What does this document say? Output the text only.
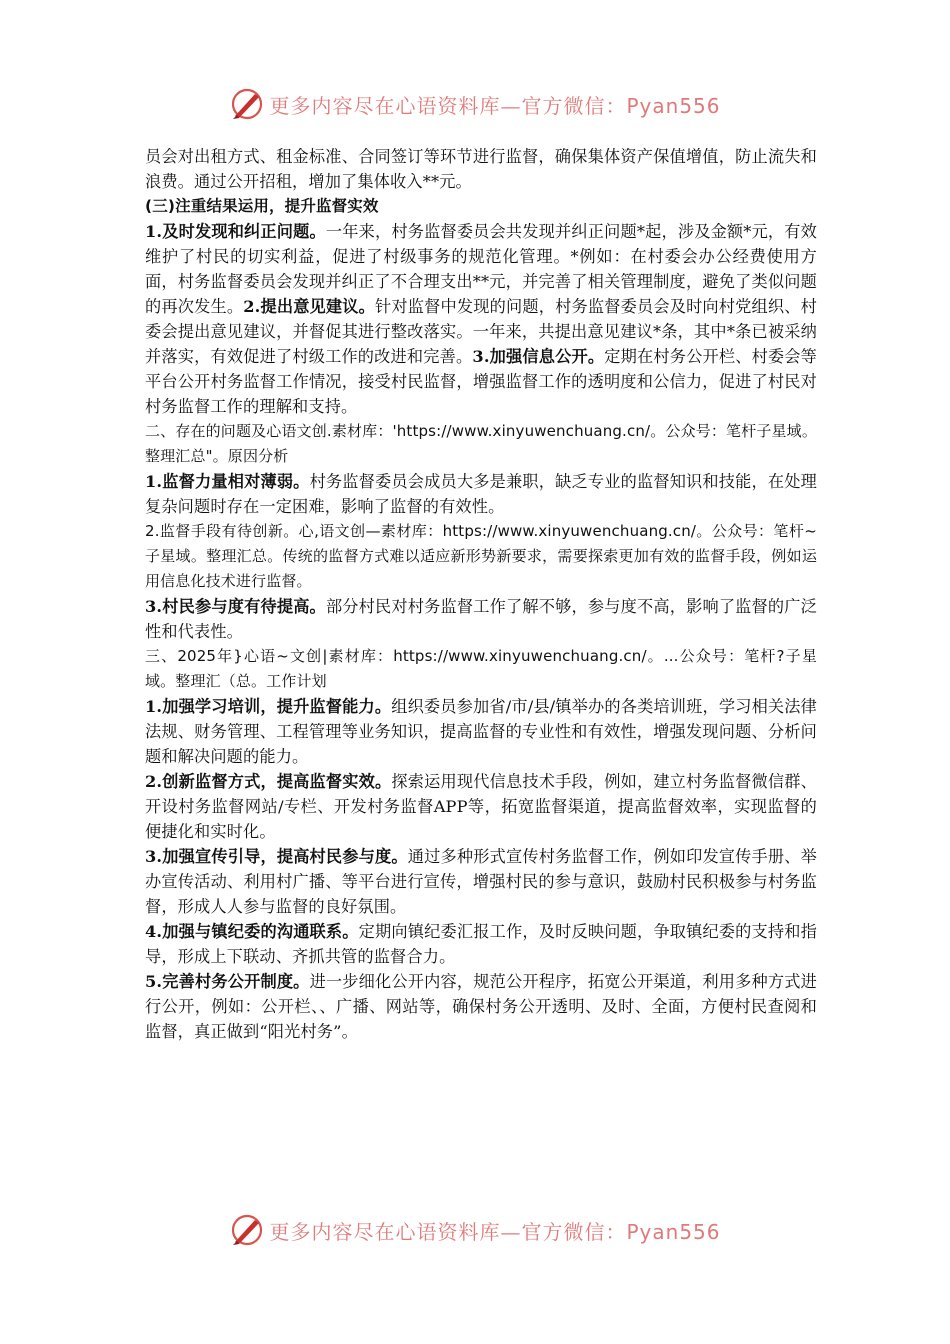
更多内容尽在心语资料库—官方微信：Pyan556

员会对出租方式、租金标准、合同签订等环节进行监督，确保集体资产保值增值，防止流失和浪费。通过公开招租，增加了集体收入**元。

(三)注重结果运用，提升监督实效

1.及时发现和纠正问题。一年来，村务监督委员会共发现并纠正问题*起，涉及金额*元，有效维护了村民的切实利益，促进了村级事务的规范化管理。*例如：在村委会办公经费使用方面，村务监督委员会发现并纠正了不合理支出**元，并完善了相关管理制度，避免了类似问题的再次发生。2.提出意见建议。针对监督中发现的问题，村务监督委员会及时向村党组织、村委会提出意见建议，并督促其进行整改落实。一年来，共提出意见建议*条，其中*条已被采纳并落实，有效促进了村级工作的改进和完善。3.加强信息公开。定期在村务公开栏、村委会等平台公开村务监督工作情况，接受村民监督，增强监督工作的透明度和公信力，促进了村民对村务监督工作的理解和支持。

二、存在的问题及心语文创.素材库：'https://www.xinyuwenchuang.cn/。公众号：笔杆子星域。整理汇总"。原因分析

1.监督力量相对薄弱。村务监督委员会成员大多是兼职，缺乏专业的监督知识和技能，在处理复杂问题时存在一定困难，影响了监督的有效性。

2.监督手段有待创新。心,语文创—素材库：https://www.xinyuwenchuang.cn/。公众号：笔杆~子星域。整理汇总。传统的监督方式难以适应新形势新要求，需要探索更加有效的监督手段，例如运用信息化技术进行监督。

3.村民参与度有待提高。部分村民对村务监督工作了解不够，参与度不高，影响了监督的广泛性和代表性。

三、2025年}心语~文创|素材库：https://www.xinyuwenchuang.cn/。...公众号：笔杆?子星域。整理汇（总。工作计划

1.加强学习培训，提升监督能力。组织委员参加省/市/县/镇举办的各类培训班，学习相关法律法规、财务管理、工程管理等业务知识，提高监督的专业性和有效性，增强发现问题、分析问题和解决问题的能力。

2.创新监督方式，提高监督实效。探索运用现代信息技术手段，例如，建立村务监督微信群、开设村务监督网站/专栏、开发村务监督APP等，拓宽监督渠道，提高监督效率，实现监督的便捷化和实时化。

3.加强宣传引导，提高村民参与度。通过多种形式宣传村务监督工作，例如印发宣传手册、举办宣传活动、利用村广播、等平台进行宣传，增强村民的参与意识，鼓励村民积极参与村务监督，形成人人参与监督的良好氛围。

4.加强与镇纪委的沟通联系。定期向镇纪委汇报工作，及时反映问题，争取镇纪委的支持和指导，形成上下联动、齐抓共管的监督合力。

5.完善村务公开制度。进一步细化公开内容，规范公开程序，拓宽公开渠道，利用多种方式进行公开，例如：公开栏、、广播、网站等，确保村务公开透明、及时、全面，方便村民查阅和监督，真正做到“阳光村务”。

更多内容尽在心语资料库—官方微信：Pyan556
